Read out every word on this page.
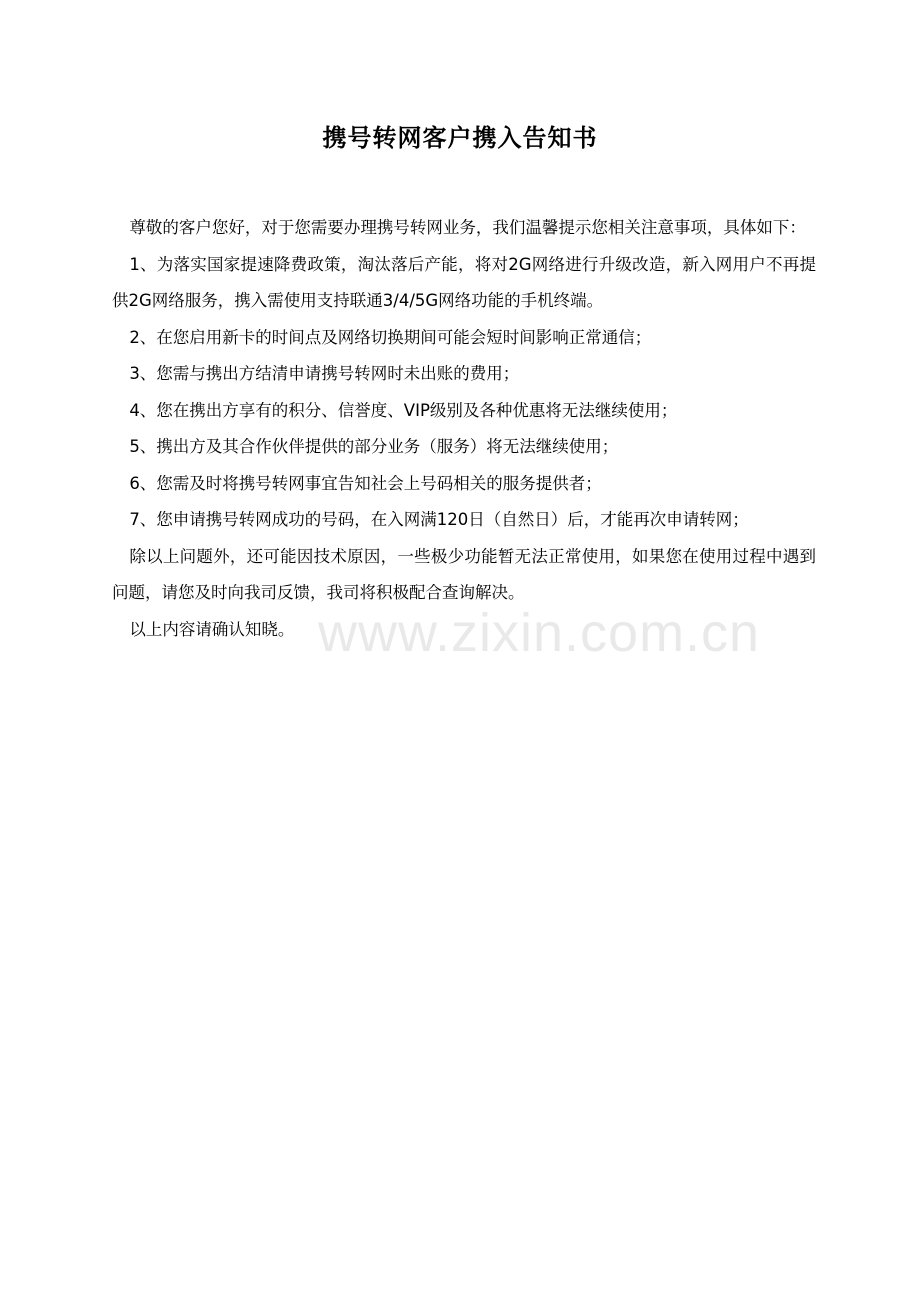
携号转网客户携入告知书

尊敬的客户您好，对于您需要办理携号转网业务，我们温馨提示您相关注意事项，具体如下：

1、为落实国家提速降费政策，淘汰落后产能，将对2G网络进行升级改造，新入网用户不再提供2G网络服务，携入需使用支持联通3/4/5G网络功能的手机终端。

2、在您启用新卡的时间点及网络切换期间可能会短时间影响正常通信；

3、您需与携出方结清申请携号转网时未出账的费用；

4、您在携出方享有的积分、信誉度、VIP级别及各种优惠将无法继续使用；

5、携出方及其合作伙伴提供的部分业务（服务）将无法继续使用；

6、您需及时将携号转网事宜告知社会上号码相关的服务提供者；

7、您申请携号转网成功的号码，在入网满120日（自然日）后，才能再次申请转网；

除以上问题外，还可能因技术原因，一些极少功能暂无法正常使用，如果您在使用过程中遇到问题，请您及时向我司反馈，我司将积极配合查询解决。

以上内容请确认知晓。 www.zixin.com.cn
